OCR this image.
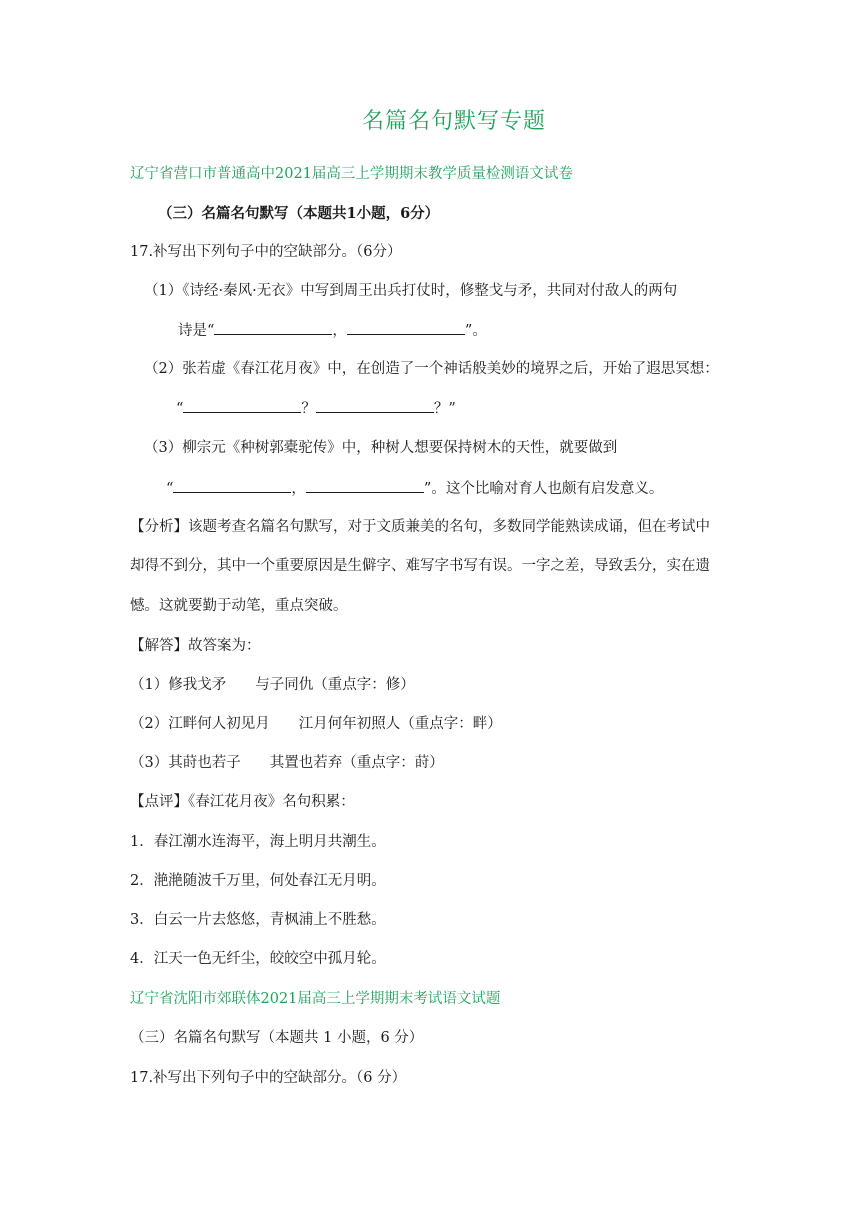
名篇名句默写专题
辽宁省营口市普通高中2021届高三上学期期末教学质量检测语文试卷
（三）名篇名句默写（本题共1小题，6分）
17.补写出下列句子中的空缺部分。（6分）
（1）《诗经·秦风·无衣》中写到周王出兵打仗时，修整戈与矛，共同对付敌人的两句
诗是“	，	”。
（2）张若虚《春江花月夜》中，在创造了一个神话般美妙的境界之后，开始了遐思冥想：
“	？	？”
（3）柳宗元《种树郭橐驼传》中，种树人想要保持树木的天性，就要做到
“	，	”。这个比喻对育人也颇有启发意义。
【分析】该题考查名篇名句默写，对于文质兼美的名句，多数同学能熟读成诵，但在考试中
却得不到分，其中一个重要原因是生僻字、难写字书写有误。一字之差，导致丢分，实在遗
憾。这就要勤于动笔，重点突破。
【解答】故答案为：
（1）修我戈矛　　与子同仇（重点字：修）
（2）江畔何人初见月　　江月何年初照人（重点字：畔）
（3）其莳也若子　　其置也若弃（重点字：莳）
【点评】《春江花月夜》名句积累：
1．春江潮水连海平，海上明月共潮生。
2．滟滟随波千万里，何处春江无月明。
3．白云一片去悠悠，青枫浦上不胜愁。
4．江天一色无纤尘，皎皎空中孤月轮。
辽宁省沈阳市郊联体2021届高三上学期期末考试语文试题
（三）名篇名句默写（本题共 1 小题，6 分）
17.补写出下列句子中的空缺部分。（6 分）
